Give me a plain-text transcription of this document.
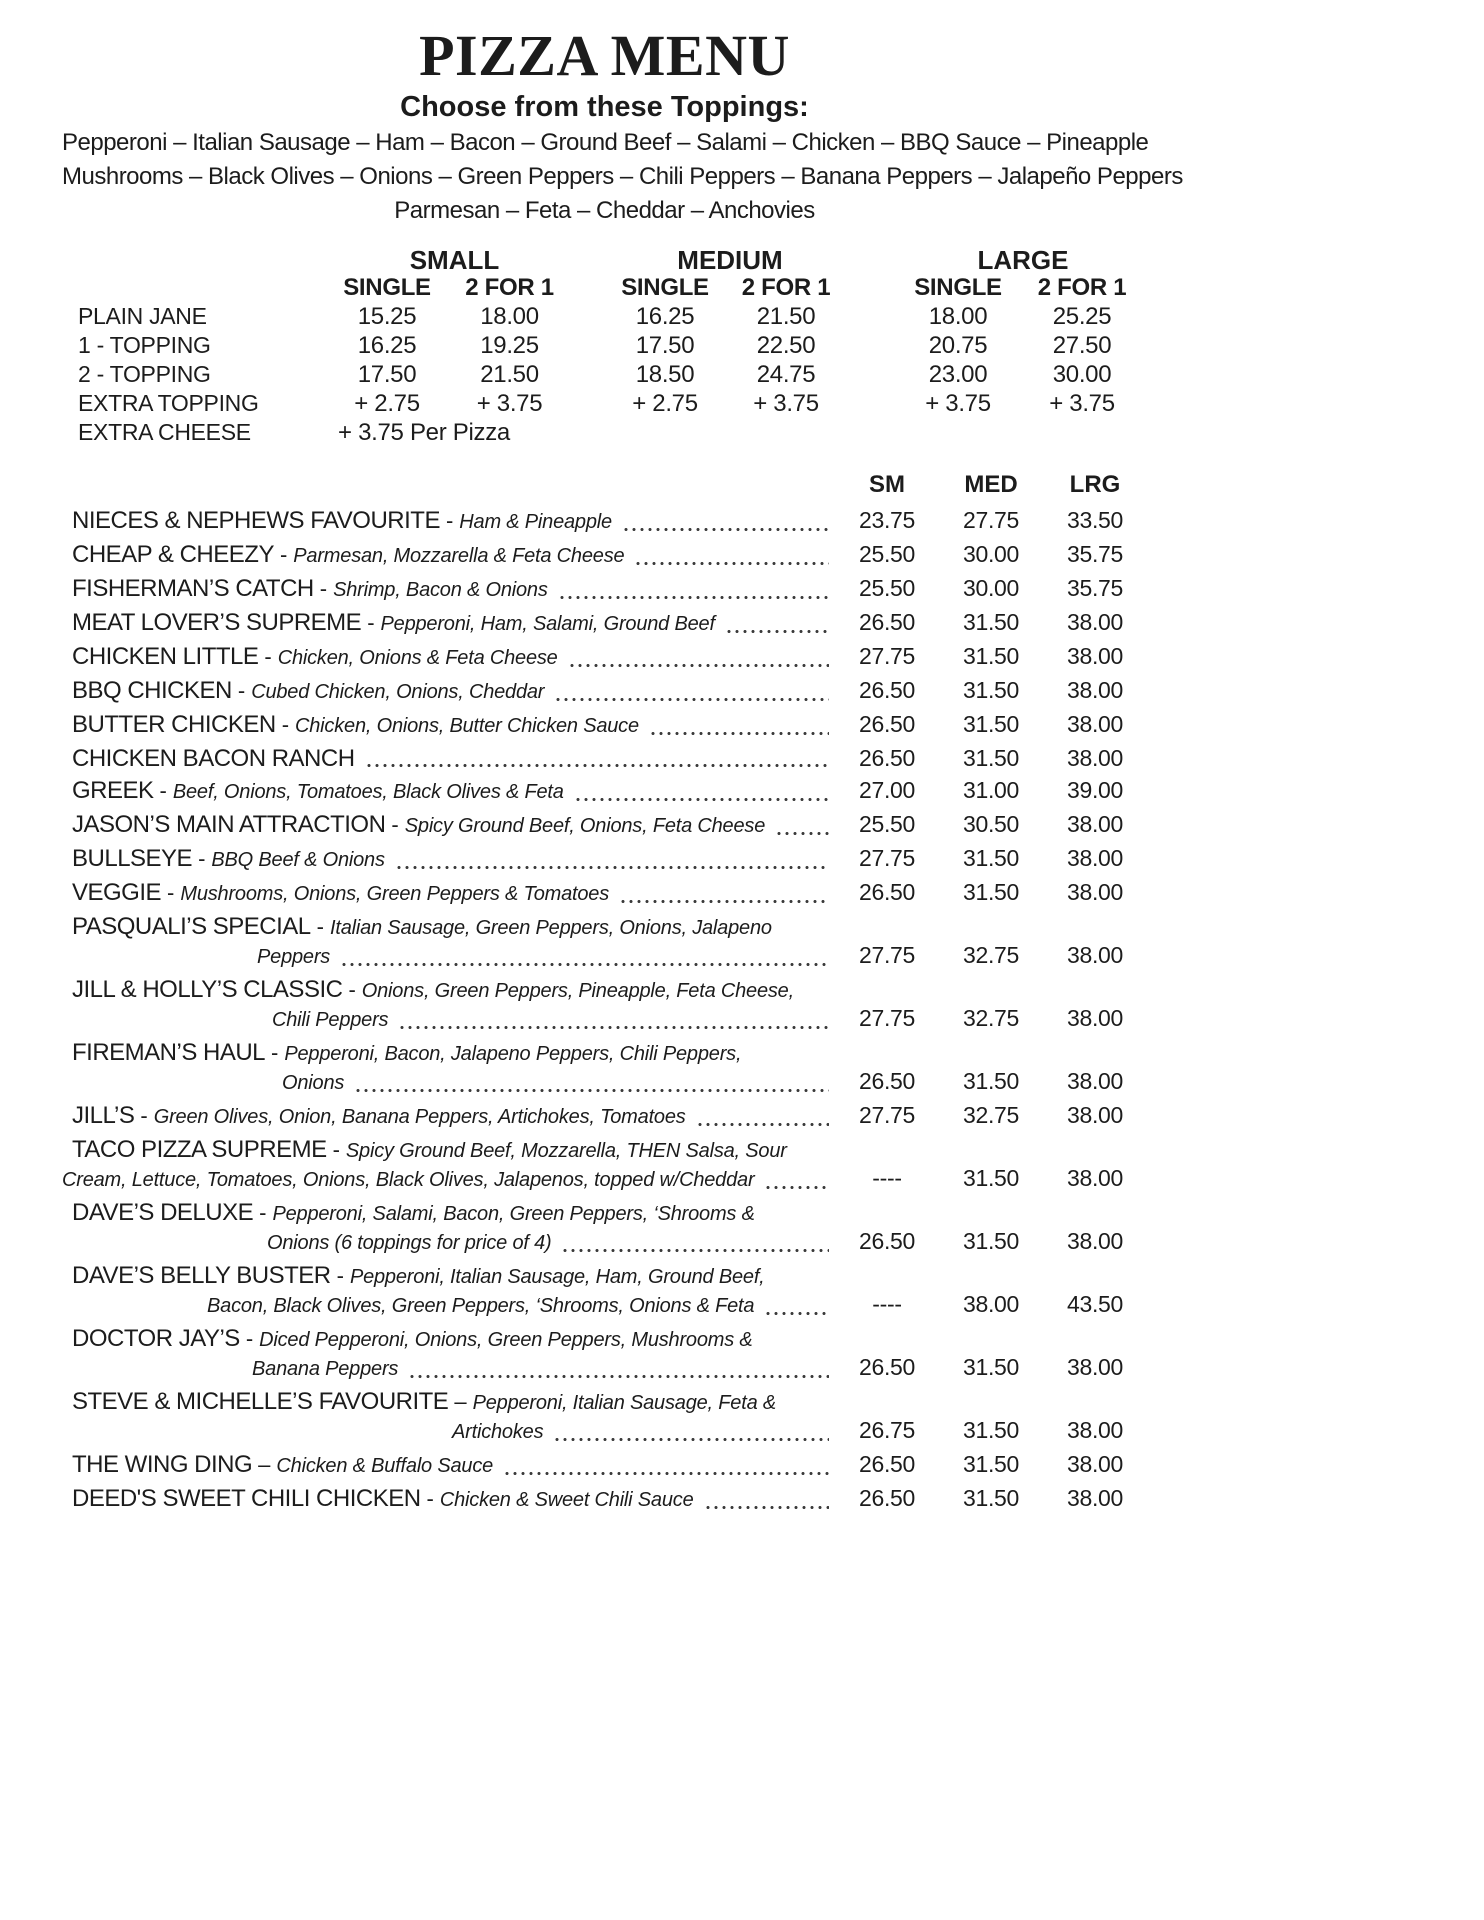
PIZZA MENU
Choose from these Toppings:
Pepperoni – Italian Sausage – Ham – Bacon – Ground Beef – Salami – Chicken – BBQ Sauce – Pineapple
Mushrooms – Black Olives – Onions – Green Peppers – Chili Peppers – Banana Peppers – Jalapeño Peppers
Parmesan – Feta – Cheddar – Anchovies
SMALL	MEDIUM	LARGE
SINGLE	2 FOR 1	SINGLE	2 FOR 1	SINGLE	2 FOR 1
PLAIN JANE	15.25	18.00	16.25	21.50	18.00	25.25
1 - TOPPING	16.25	19.25	17.50	22.50	20.75	27.50
2 - TOPPING	17.50	21.50	18.50	24.75	23.00	30.00
EXTRA TOPPING	+ 2.75	+ 3.75	+ 2.75	+ 3.75	+ 3.75	+ 3.75
EXTRA CHEESE	+ 3.75 Per Pizza
SM	MED	LRG
NIECES & NEPHEWS FAVOURITE - Ham & Pineapple	23.75	27.75	33.50
CHEAP & CHEEZY - Parmesan, Mozzarella & Feta Cheese	25.50	30.00	35.75
FISHERMAN’S CATCH - Shrimp, Bacon & Onions	25.50	30.00	35.75
MEAT LOVER’S SUPREME - Pepperoni, Ham, Salami, Ground Beef	26.50	31.50	38.00
CHICKEN LITTLE - Chicken, Onions & Feta Cheese	27.75	31.50	38.00
BBQ CHICKEN - Cubed Chicken, Onions, Cheddar	26.50	31.50	38.00
BUTTER CHICKEN - Chicken, Onions, Butter Chicken Sauce	26.50	31.50	38.00
CHICKEN BACON RANCH	26.50	31.50	38.00
GREEK - Beef, Onions, Tomatoes, Black Olives & Feta	27.00	31.00	39.00
JASON’S MAIN ATTRACTION - Spicy Ground Beef, Onions, Feta Cheese	25.50	30.50	38.00
BULLSEYE - BBQ Beef & Onions	27.75	31.50	38.00
VEGGIE - Mushrooms, Onions, Green Peppers & Tomatoes	26.50	31.50	38.00
PASQUALI’S SPECIAL - Italian Sausage, Green Peppers, Onions, Jalapeno
Peppers	27.75	32.75	38.00
JILL & HOLLY’S CLASSIC - Onions, Green Peppers, Pineapple, Feta Cheese,
Chili Peppers	27.75	32.75	38.00
FIREMAN’S HAUL - Pepperoni, Bacon, Jalapeno Peppers, Chili Peppers,
Onions	26.50	31.50	38.00
JILL’S - Green Olives, Onion, Banana Peppers, Artichokes, Tomatoes	27.75	32.75	38.00
TACO PIZZA SUPREME - Spicy Ground Beef, Mozzarella, THEN Salsa, Sour
Cream, Lettuce, Tomatoes, Onions, Black Olives, Jalapenos, topped w/Cheddar	----	31.50	38.00
DAVE’S DELUXE - Pepperoni, Salami, Bacon, Green Peppers, ‘Shrooms &
Onions (6 toppings for price of 4)	26.50	31.50	38.00
DAVE’S BELLY BUSTER - Pepperoni, Italian Sausage, Ham, Ground Beef,
Bacon, Black Olives, Green Peppers, ‘Shrooms, Onions & Feta	----	38.00	43.50
DOCTOR JAY’S - Diced Pepperoni, Onions, Green Peppers, Mushrooms &
Banana Peppers	26.50	31.50	38.00
STEVE & MICHELLE’S FAVOURITE – Pepperoni, Italian Sausage, Feta &
Artichokes	26.75	31.50	38.00
THE WING DING – Chicken & Buffalo Sauce	26.50	31.50	38.00
DEED'S SWEET CHILI CHICKEN - Chicken & Sweet Chili Sauce	26.50	31.50	38.00
